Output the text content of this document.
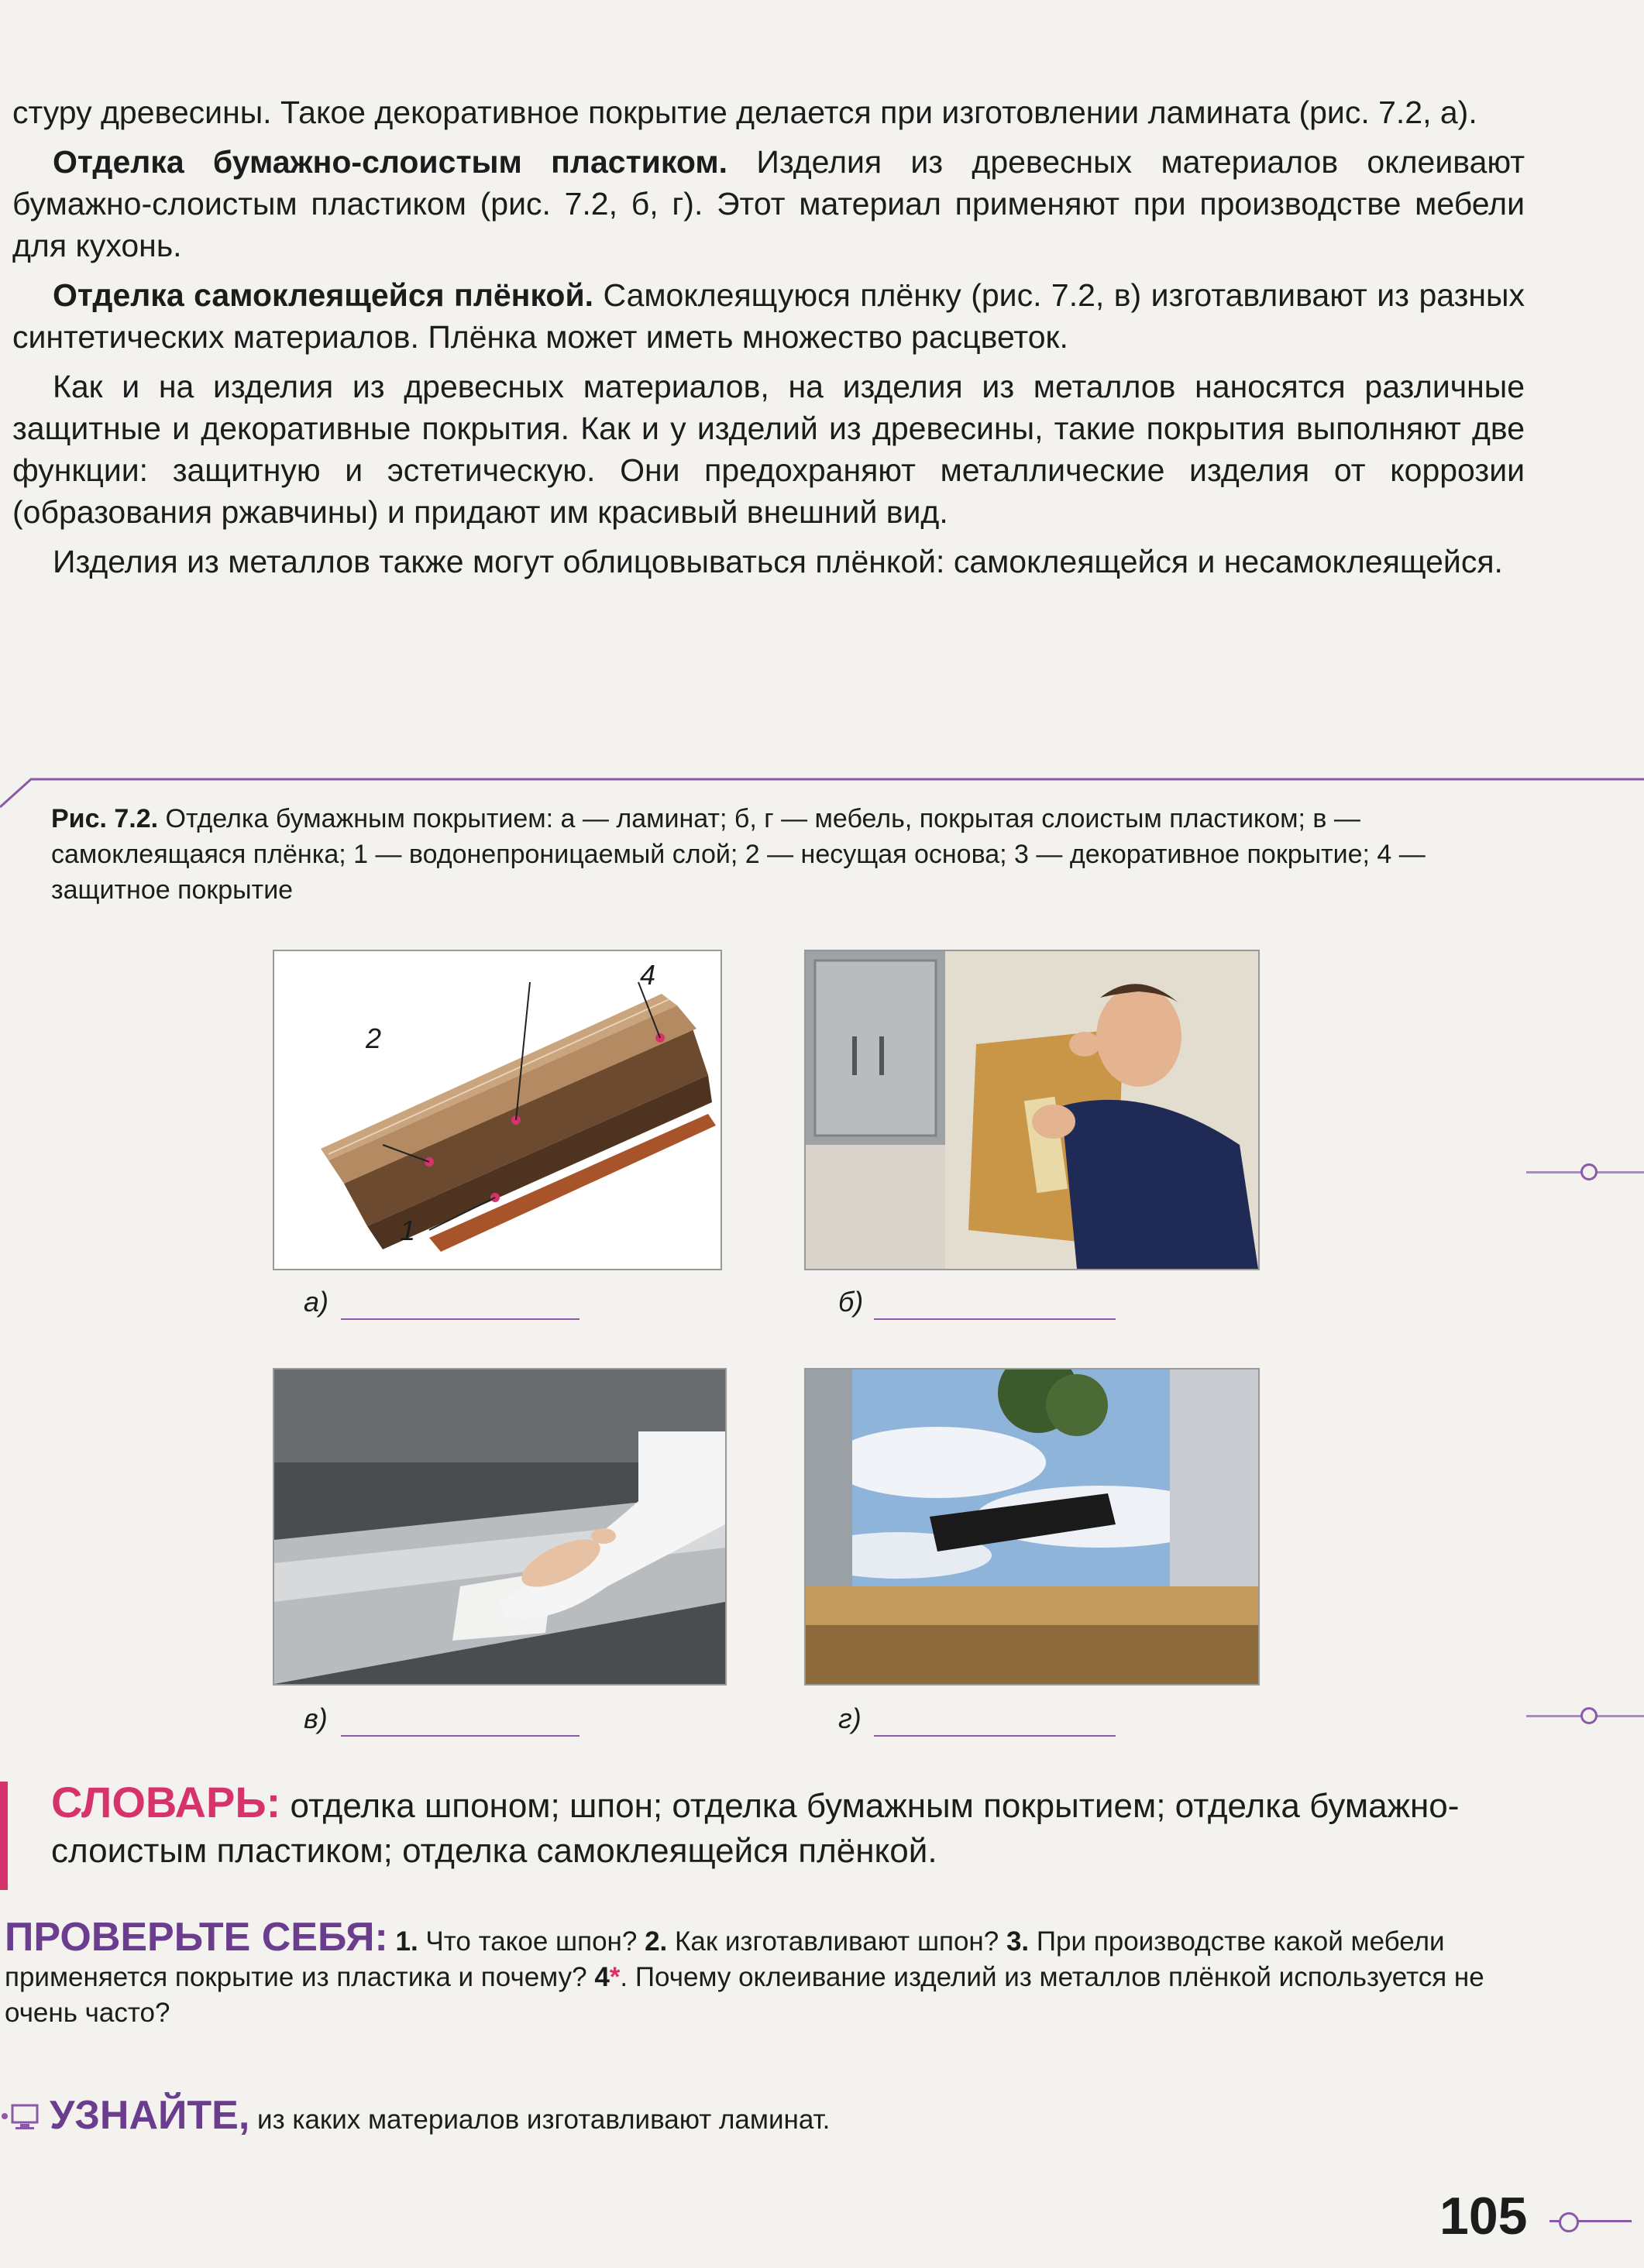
стуру древесины. Такое декоративное покрытие делается при изготовлении ламината (рис. 7.2, а).

Отделка бумажно-слоистым пластиком. Изделия из древесных материалов оклеивают бумажно-слоистым пластиком (рис. 7.2, б, г). Этот материал применяют при производстве мебели для кухонь.

Отделка самоклеящейся плёнкой. Самоклеящуюся плёнку (рис. 7.2, в) изготавливают из разных синтетических материалов. Плёнка может иметь множество расцветок.

Как и на изделия из древесных материалов, на изделия из металлов наносятся различные защитные и декоративные покрытия. Как и у изделий из древесины, такие покрытия выполняют две функции: защитную и эстетическую. Они предохраняют металлические изделия от коррозии (образования ржавчины) и придают им красивый внешний вид.

Изделия из металлов также могут облицовываться плёнкой: самоклеящейся и несамоклеящейся.

Рис. 7.2. Отделка бумажным покрытием: а — ламинат; б, г — мебель, покрытая слоистым пластиком; в — самоклеящаяся плёнка; 1 — водонепроницаемый слой; 2 — несущая основа; 3 — декоративное покрытие; 4 — защитное покрытие
2
4
1
а)	б)
в)	г)
СЛОВАРЬ: отделка шпоном; шпон; отделка бумажным покрытием; отделка бумажно-слоистым пластиком; отделка самоклеящейся плёнкой.
ПРОВЕРЬТЕ СЕБЯ: 1. Что такое шпон? 2. Как изготавливают шпон? 3. При производстве какой мебели применяется покрытие из пластика и почему? 4*. Почему оклеивание изделий из металлов плёнкой используется не очень часто?
УЗНАЙТЕ, из каких материалов изготавливают ламинат.
105
